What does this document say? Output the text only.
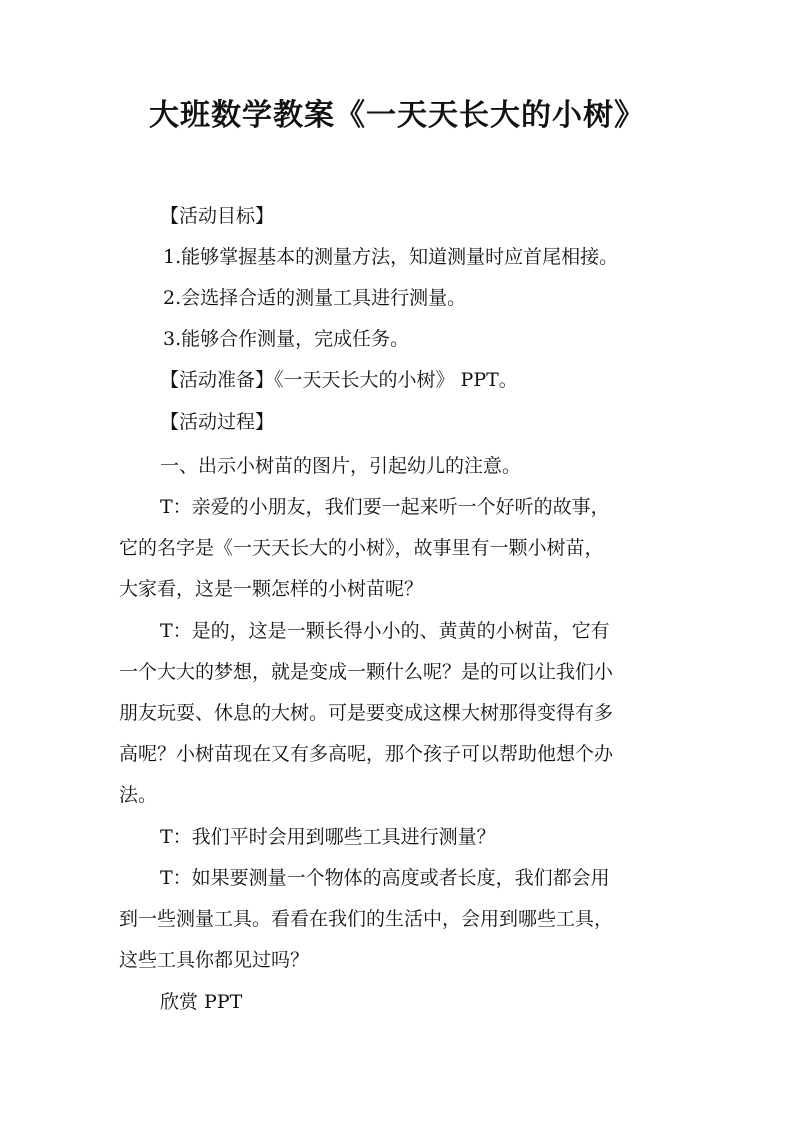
大班数学教案《一天天长大的小树》
【活动目标】
1.能够掌握基本的测量方法，知道测量时应首尾相接。
2.会选择合适的测量工具进行测量。
3.能够合作测量，完成任务。
【活动准备】《一天天长大的小树》 PPT。
【活动过程】
一、出示小树苗的图片，引起幼儿的注意。
T：亲爱的小朋友，我们要一起来听一个好听的故事，
它的名字是《一天天长大的小树》，故事里有一颗小树苗，
大家看，这是一颗怎样的小树苗呢？
T：是的，这是一颗长得小小的、黄黄的小树苗，它有
一个大大的梦想，就是变成一颗什么呢？是的可以让我们小
朋友玩耍、休息的大树。可是要变成这棵大树那得变得有多
高呢？小树苗现在又有多高呢，那个孩子可以帮助他想个办
法。
T：我们平时会用到哪些工具进行测量？
T：如果要测量一个物体的高度或者长度，我们都会用
到一些测量工具。看看在我们的生活中，会用到哪些工具，
这些工具你都见过吗？
欣赏 PPT
